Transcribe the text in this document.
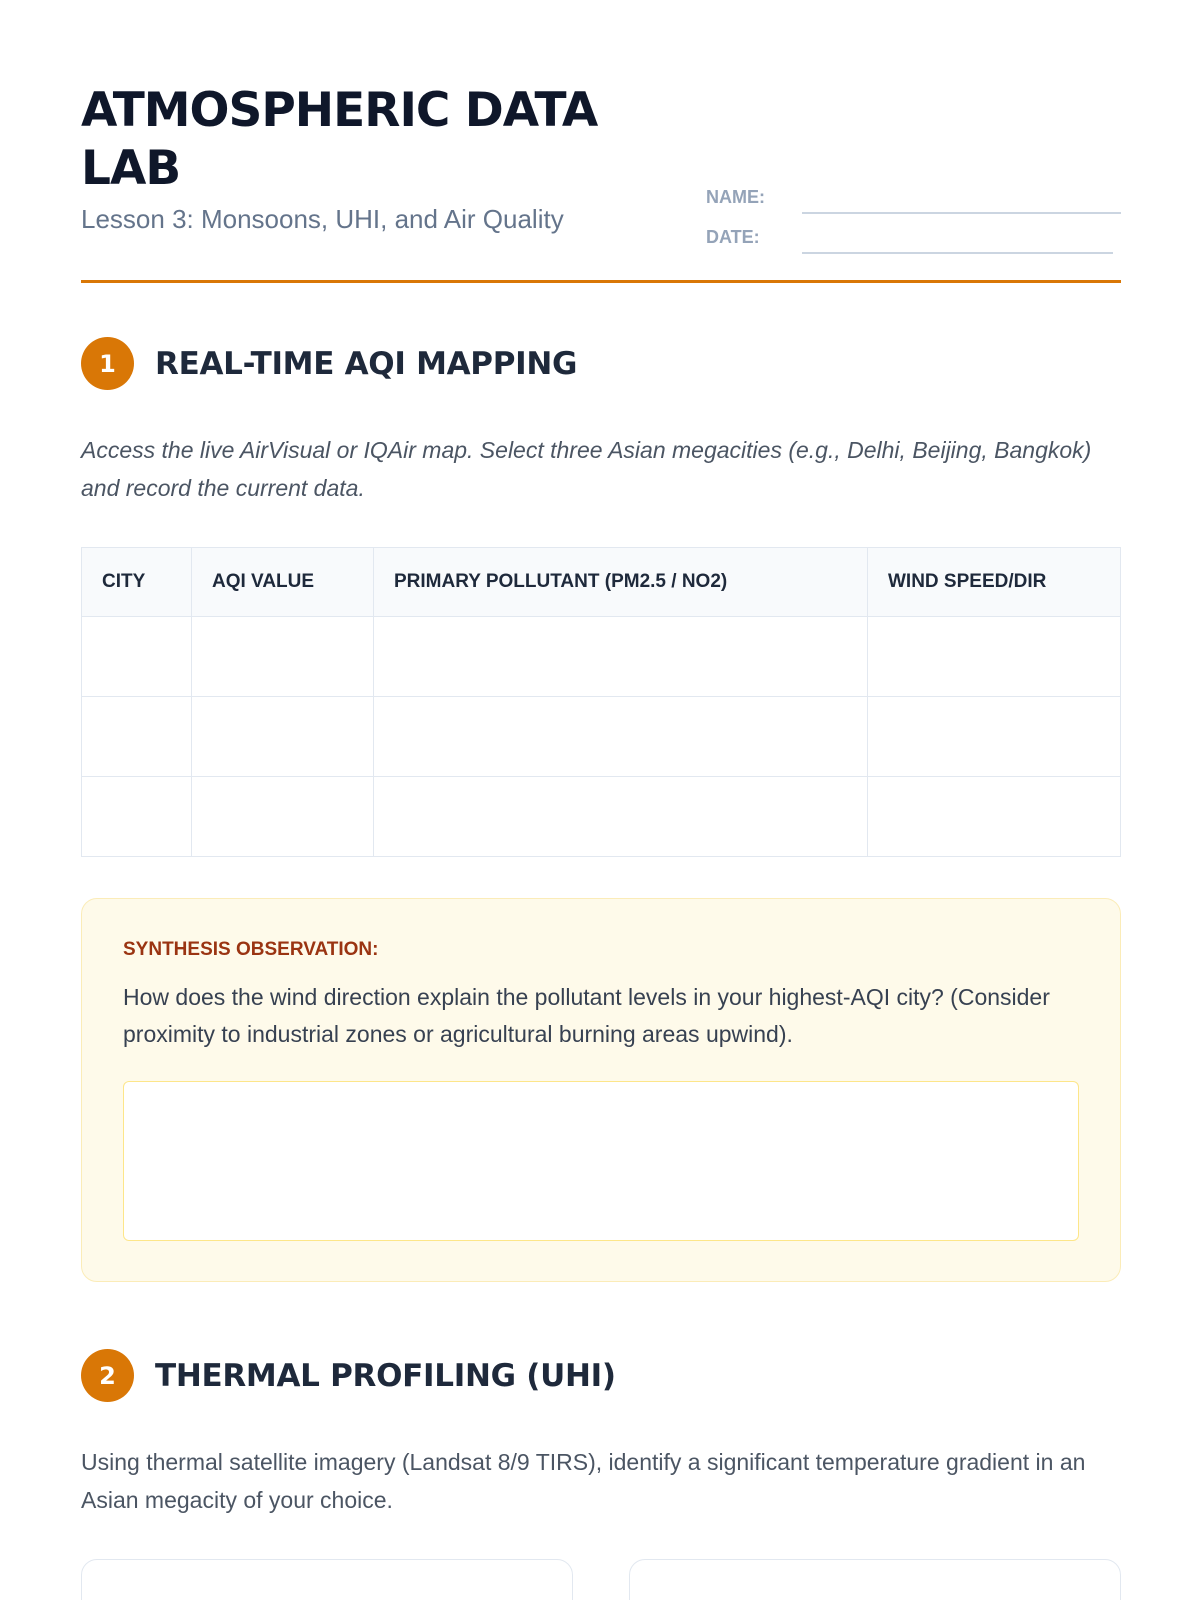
ATMOSPHERIC DATA LAB
Lesson 3: Monsoons, UHI, and Air Quality
NAME:
DATE:
1	REAL-TIME AQI MAPPING

Access the live AirVisual or IQAir map. Select three Asian megacities (e.g., Delhi, Beijing, Bangkok) and record the current data.

CITY	AQI VALUE	PRIMARY POLLUTANT (PM2.5 / NO2)	WIND SPEED/DIR

SYNTHESIS OBSERVATION:
How does the wind direction explain the pollutant levels in your highest-AQI city? (Consider proximity to industrial zones or agricultural burning areas upwind).
2	THERMAL PROFILING (UHI)

Using thermal satellite imagery (Landsat 8/9 TIRS), identify a significant temperature gradient in an Asian megacity of your choice.
